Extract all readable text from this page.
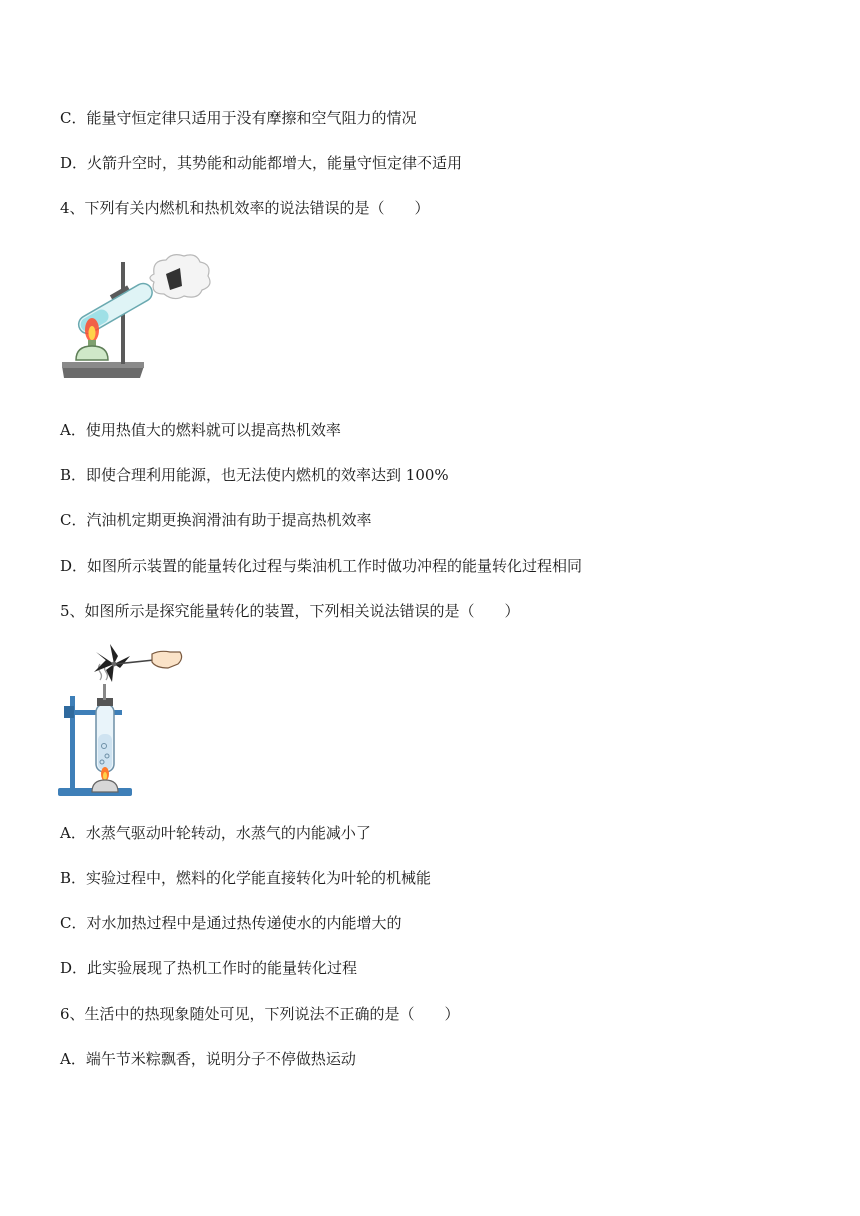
C．能量守恒定律只适用于没有摩擦和空气阻力的情况
D．火箭升空时，其势能和动能都增大，能量守恒定律不适用
4、下列有关内燃机和热机效率的说法错误的是（　　）
A．使用热值大的燃料就可以提高热机效率
B．即使合理利用能源，也无法使内燃机的效率达到 100%
C．汽油机定期更换润滑油有助于提高热机效率
D．如图所示装置的能量转化过程与柴油机工作时做功冲程的能量转化过程相同
5、如图所示是探究能量转化的装置，下列相关说法错误的是（　　）
A．水蒸气驱动叶轮转动，水蒸气的内能减小了
B．实验过程中，燃料的化学能直接转化为叶轮的机械能
C．对水加热过程中是通过热传递使水的内能增大的
D．此实验展现了热机工作时的能量转化过程
6、生活中的热现象随处可见，下列说法不正确的是（　　）
A．端午节米粽飘香，说明分子不停做热运动
